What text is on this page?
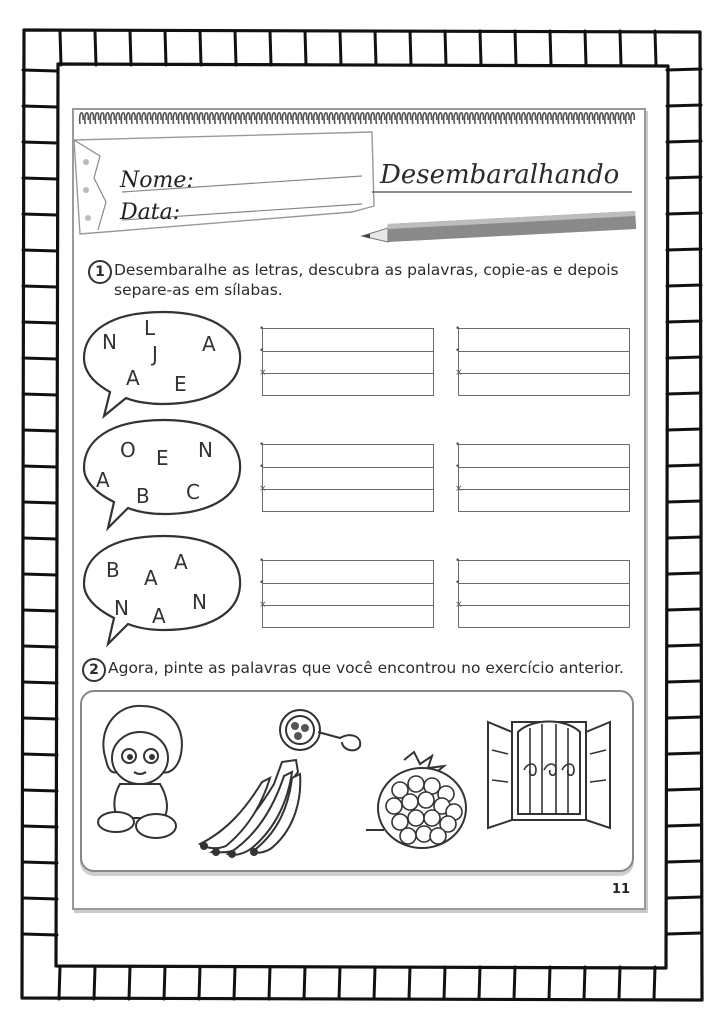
Nome:
Data:
Desembaralhando
1 Desembaralhe as letras, descubra as palavras, copie-as e depois
separe-as em sílabas.
L
N J A
A E
O E N
A
B C
B A
A
N A
N
•
•
×
•
•
×
•
•
×
•
•
×
•
•
×
•
•
×
2 Agora, pinte as palavras que você encontrou no exercício anterior.
11
